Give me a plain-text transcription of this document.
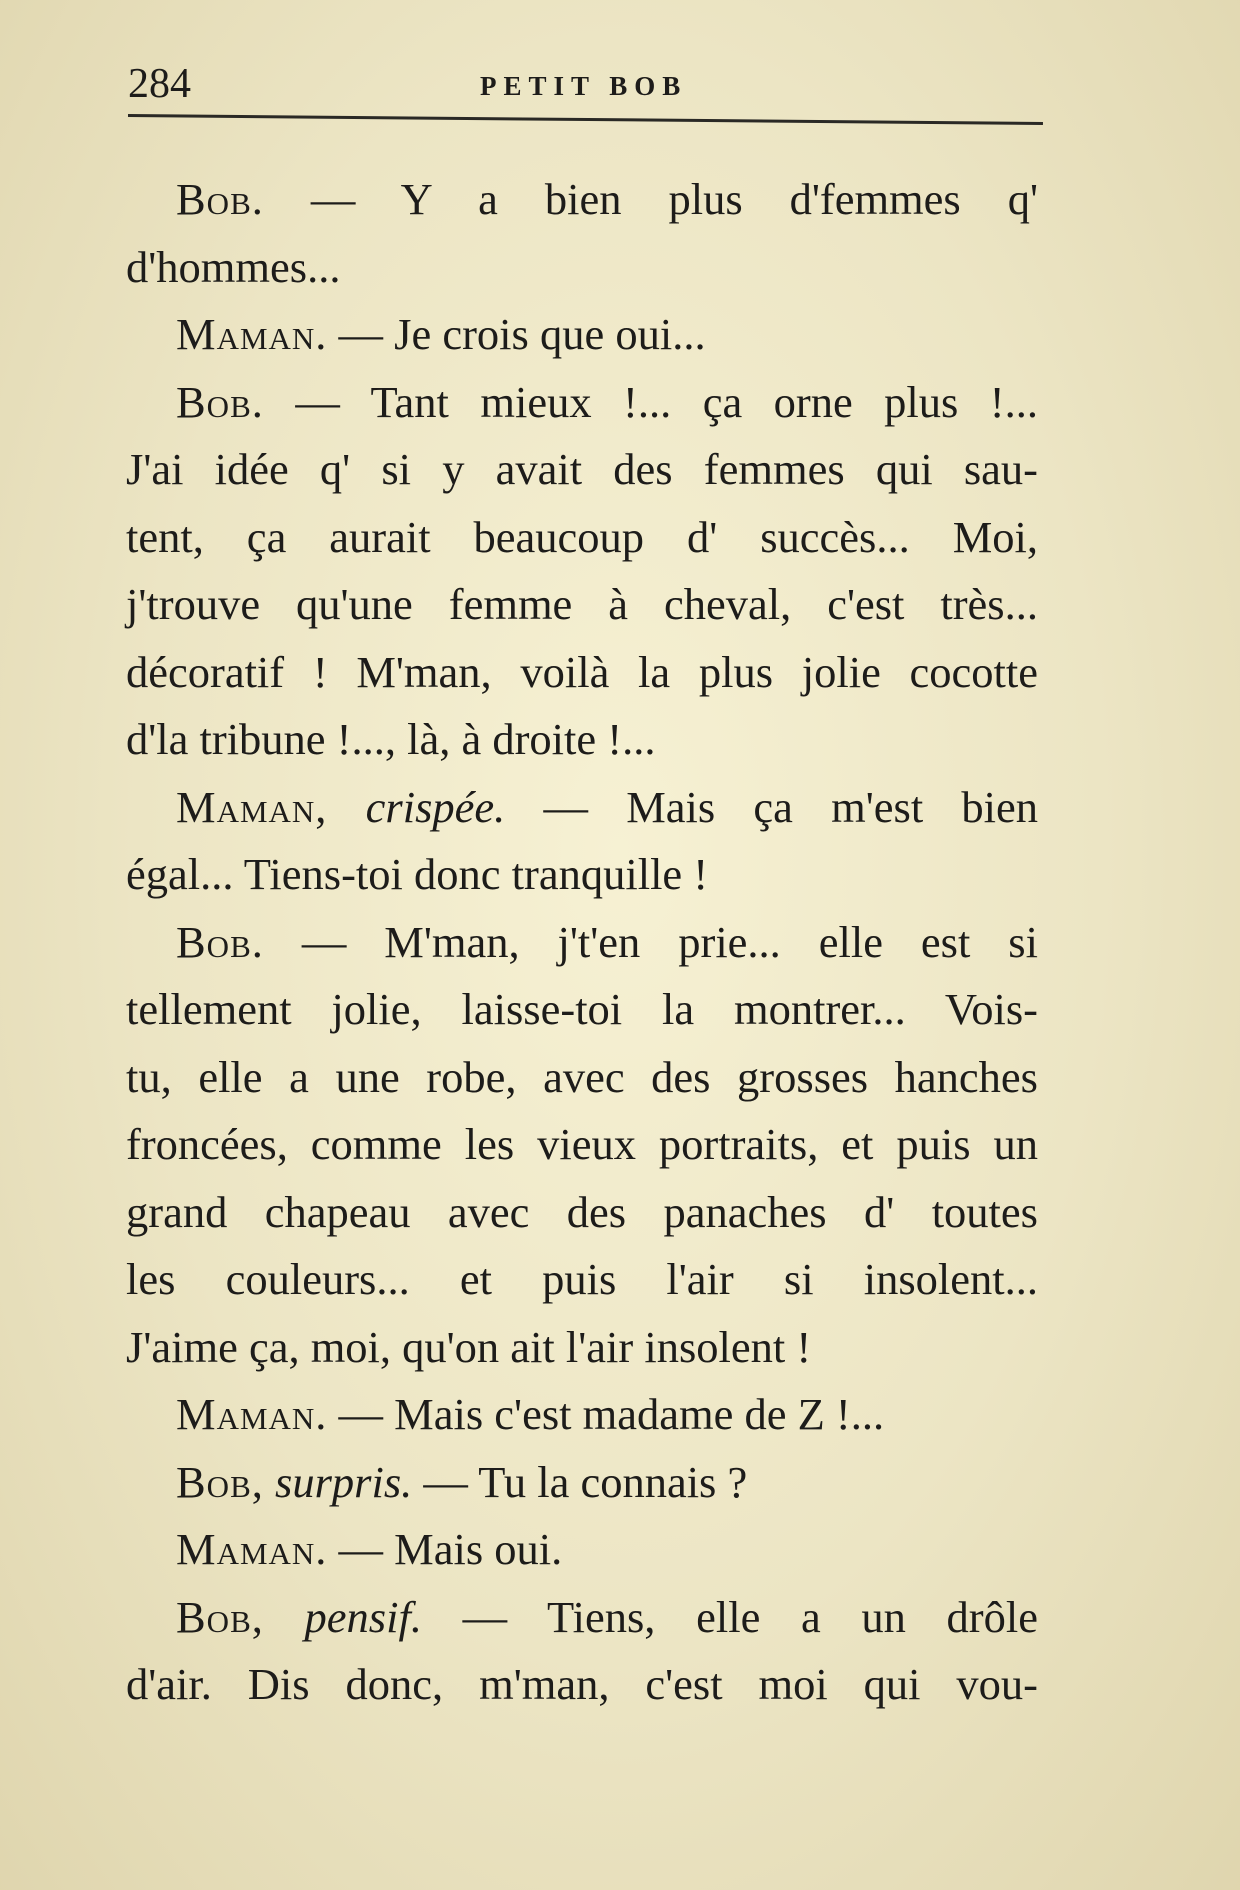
284	PETIT BOB
Bob. — Y a bien plus d'femmes q'
d'hommes...
Maman. — Je crois que oui...
Bob. — Tant mieux !... ça orne plus !...
J'ai idée q' si y avait des femmes qui sau-
tent, ça aurait beaucoup d' succès... Moi,
j'trouve qu'une femme à cheval, c'est très...
décoratif ! M'man, voilà la plus jolie cocotte
d'la tribune !..., là, à droite !...
Maman, crispée. — Mais ça m'est bien
égal... Tiens-toi donc tranquille !
Bob. — M'man, j't'en prie... elle est si
tellement jolie, laisse-toi la montrer... Vois-
tu, elle a une robe, avec des grosses hanches
froncées, comme les vieux portraits, et puis un
grand chapeau avec des panaches d' toutes
les couleurs... et puis l'air si insolent...
J'aime ça, moi, qu'on ait l'air insolent !
Maman. — Mais c'est madame de Z !...
Bob, surpris. — Tu la connais ?
Maman. — Mais oui.
Bob, pensif. — Tiens, elle a un drôle
d'air. Dis donc, m'man, c'est moi qui vou-
